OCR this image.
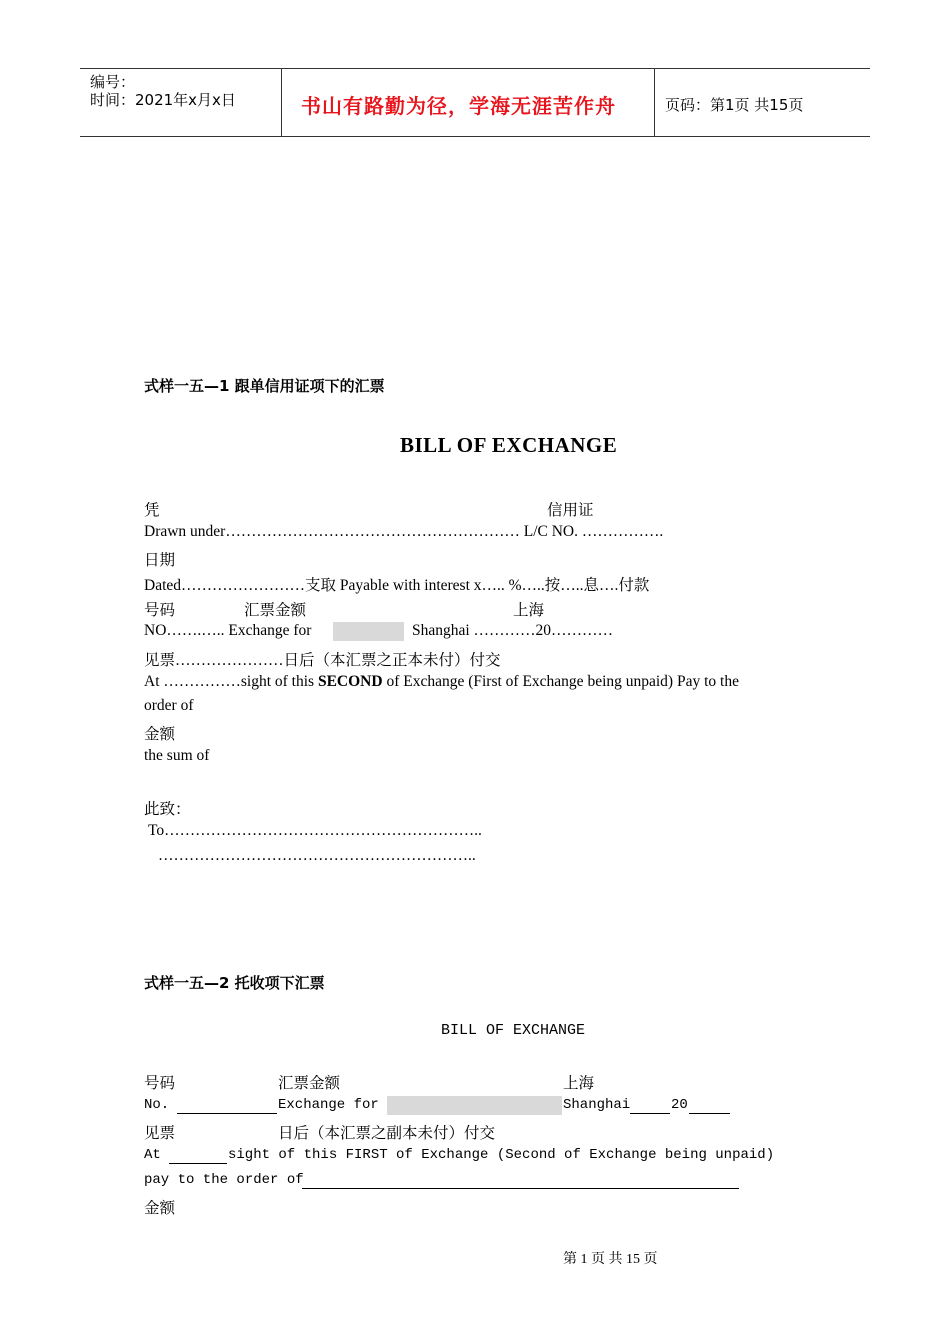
编号：
时间：2021年x月x日	书山有路勤为径，学海无涯苦作舟	页码：第1页 共15页
式样一五—1 跟单信用证项下的汇票
BILL OF EXCHANGE
凭	信用证
Drawn under………………………………………………… L/C NO. …………….
日期
Dated……………………支取 Payable with interest x….. %…..按…..息….付款
号码	汇票金额	上海
NO…….….. Exchange for	Shanghai …………20…………
见票…………………日后（本汇票之正本未付）付交
At ……………sight of this SECOND of Exchange (First of Exchange being unpaid) Pay to the
order of
金额
the sum of
此致：
To……………………………………………………..
……………………………………………………..
式样一五—2 托收项下汇票
BILL OF EXCHANGE
号码	汇票金额	上海
No.	Exchange for	Shanghai	20
见票	日后（本汇票之副本未付）付交
At	sight of this FIRST of Exchange (Second of Exchange being unpaid)
pay to the order of
金额
第 1 页 共 15 页
